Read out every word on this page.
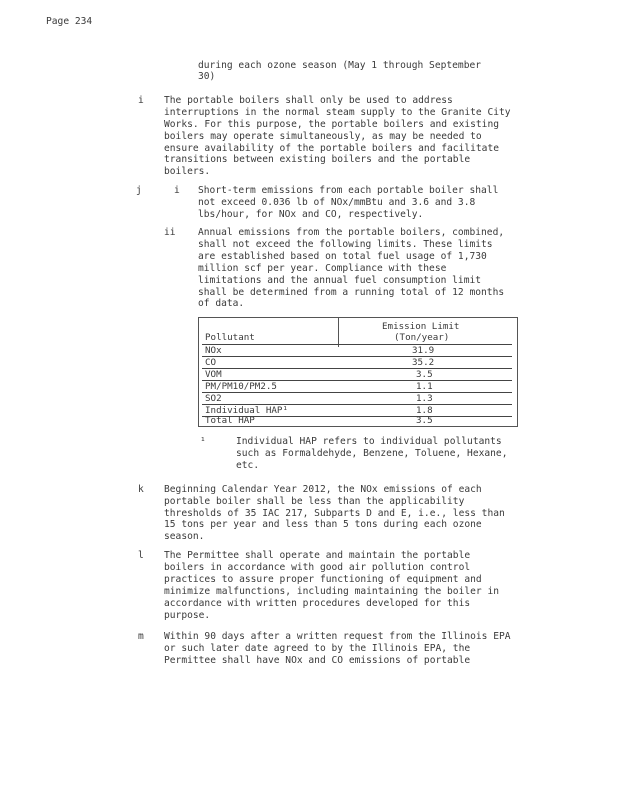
Page 234
during each ozone season (May 1 through September
30)
i The portable boilers shall only be used to address
interruptions in the normal steam supply to the Granite City
Works. For this purpose, the portable boilers and existing
boilers may operate simultaneously, as may be needed to
ensure availability of the portable boilers and facilitate
transitions between existing boilers and the portable
boilers.
j	i Short-term emissions from each portable boiler shall
not exceed 0.036 lb of NOx/mmBtu and 3.6 and 3.8
lbs/hour, for NOx and CO, respectively.
ii Annual emissions from the portable boilers, combined,
shall not exceed the following limits. These limits
are established based on total fuel usage of 1,730
million scf per year. Compliance with these
limitations and the annual fuel consumption limit
shall be determined from a running total of 12 months
of data.
Emission Limit
Pollutant	(Ton/year)
NOx	31.9
CO	35.2
VOM	3.5
PM/PM10/PM2.5	1.1
SO2	1.3
Individual HAP¹	1.8
Total HAP	3.5
¹	Individual HAP refers to individual pollutants
such as Formaldehyde, Benzene, Toluene, Hexane,
etc.
k Beginning Calendar Year 2012, the NOx emissions of each
portable boiler shall be less than the applicability
thresholds of 35 IAC 217, Subparts D and E, i.e., less than
15 tons per year and less than 5 tons during each ozone
season.
l The Permittee shall operate and maintain the portable
boilers in accordance with good air pollution control
practices to assure proper functioning of equipment and
minimize malfunctions, including maintaining the boiler in
accordance with written procedures developed for this
purpose.
m Within 90 days after a written request from the Illinois EPA
or such later date agreed to by the Illinois EPA, the
Permittee shall have NOx and CO emissions of portable
